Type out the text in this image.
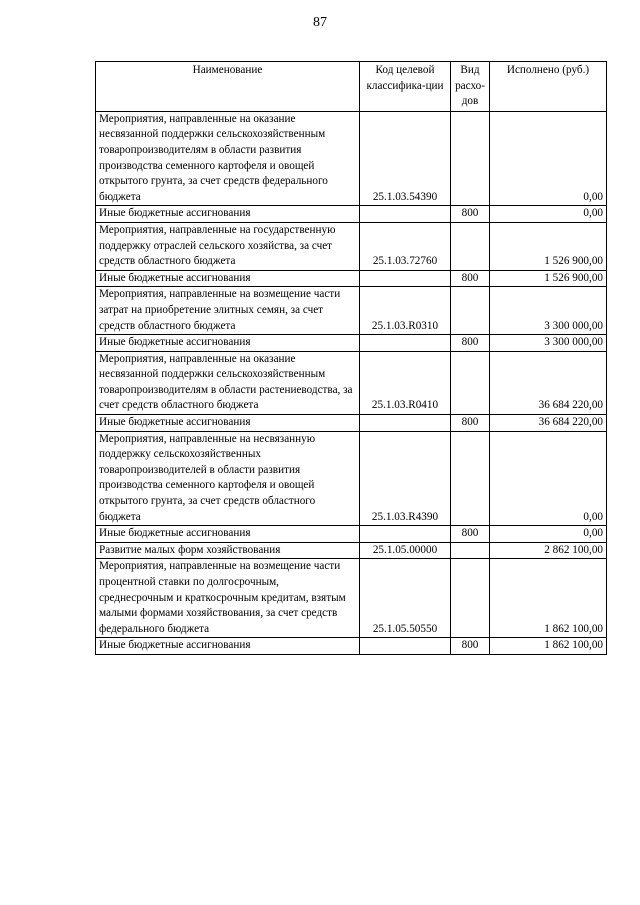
87
Наименование	Код целевой классифика-ции	Вид расхо-дов	Исполнено (руб.)
Мероприятия, направленные на оказание несвязанной поддержки сельскохозяйственным товаропроизводителям в области развития производства семенного картофеля и овощей открытого грунта, за счет средств федерального бюджета	25.1.03.54390		0,00
Иные бюджетные ассигнования		800	0,00
Мероприятия, направленные на государственную поддержку отраслей сельского хозяйства, за счет средств областного бюджета	25.1.03.72760		1 526 900,00
Иные бюджетные ассигнования		800	1 526 900,00
Мероприятия, направленные на возмещение части затрат на приобретение элитных семян, за счет средств областного бюджета	25.1.03.R0310		3 300 000,00
Иные бюджетные ассигнования		800	3 300 000,00
Мероприятия, направленные на оказание несвязанной поддержки сельскохозяйственным товаропроизводителям в области растениеводства, за счет средств областного бюджета	25.1.03.R0410		36 684 220,00
Иные бюджетные ассигнования		800	36 684 220,00
Мероприятия, направленные на несвязанную поддержку сельскохозяйственных товаропроизводителей в области развития производства семенного картофеля и овощей открытого грунта, за счет средств областного бюджета	25.1.03.R4390		0,00
Иные бюджетные ассигнования		800	0,00
Развитие малых форм хозяйствования	25.1.05.00000		2 862 100,00
Мероприятия, направленные на возмещение части процентной ставки по долгосрочным, среднесрочным и краткосрочным кредитам, взятым малыми формами хозяйствования, за счет средств федерального бюджета	25.1.05.50550		1 862 100,00
Иные бюджетные ассигнования		800	1 862 100,00
